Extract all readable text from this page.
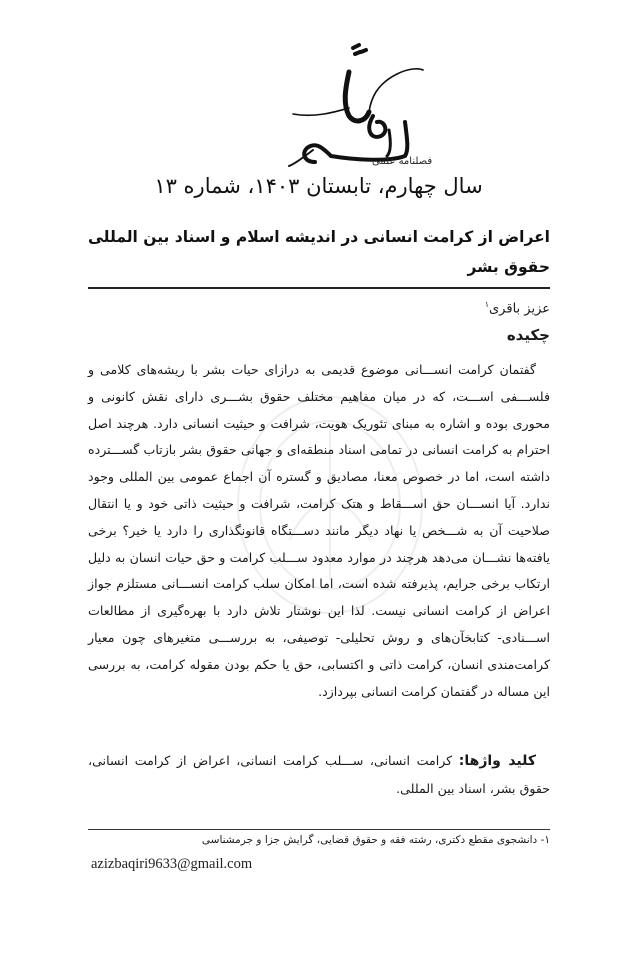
فصلنامه علمی
سال چهارم، تابستان ۱۴۰۳، شماره ۱۳
اعراض از کرامت انسانی در اندیشه اسلام و اسناد بین المللی حقوق بشر
عزیز باقری$^۱$
چکیده

گفتمان کرامت انســـانی موضوع قدیمی به درازای حیات بشر با ریشه‌های کلامی و فلســـفی اســـت، که در میان مفاهیم مختلف حقوق بشـــری دارای نقش کانونی و محوری بوده و اشاره به مبنای تئوریک هویت، شرافت و حیثیت انسانی دارد. هرچند اصل احترام به کرامت انسانی در تمامی اسناد منطقه‌ای و جهانی حقوق بشر بازتاب گســـترده داشته است، اما در خصوص معنا، مصادیق و گستره آن اجماع عمومی بین المللی وجود ندارد. آیا انســـان حق اســـقاط و هتک کرامت، شرافت و حیثیت ذاتی خود و یا انتقال صلاحیت آن به شـــخص یا نهاد دیگر مانند دســـتگاه قانونگذاری را دارد یا خیر؟ برخی یافته‌ها نشـــان می‌دهد هرچند در موارد معدود ســـلب کرامت و حق حیات انسان به دلیل ارتکاب برخی جرایم، پذیرفته شده است، اما امکان سلب کرامت انســـانی مستلزم جواز اعراض از کرامت انسانی نیست. لذا این نوشتار تلاش دارد با بهره‌گیری از مطالعات اســـنادی- کتابخآن‌های و روش تحلیلی- توصیفی، به بررســـی متغیرهای چون معیار کرامت‌مندی انسان، کرامت ذاتی و اکتسابی، حق یا حکم بودن مقوله کرامت، به بررسی این مساله در گفتمان کرامت انسانی بپردازد.

کلید واژها: کرامت انسانی، ســـلب کرامت انسانی، اعراض از کرامت انسانی، حقوق بشر، اسناد بین المللی.
۱- دانشجوی مقطع دکتری، رشته فقه و حقوق قضایی، گرایش جزا و جرمشناسی
azizbaqiri9633@gmail.com
